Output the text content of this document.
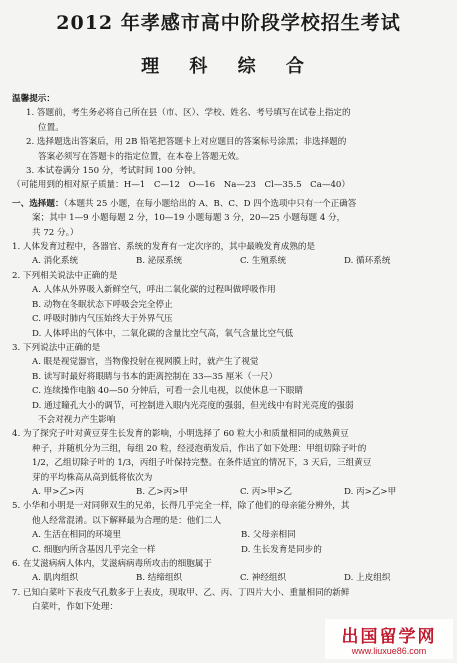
2012 年孝感市高中阶段学校招生考试
理 科 综 合

温馨提示：

1. 答题前，考生务必将自己所在县（市、区）、学校、姓名、考号填写在试卷上指定的

位置。

2. 选择题选出答案后，用 2B 铅笔把答题卡上对应题目的答案标号涂黑；非选择题的

答案必须写在答题卡的指定位置，在本卷上答题无效。

3. 本试卷满分 150 分，考试时间 100 分钟。

（可能用到的相对原子质量：H—1　C—12　O—16　Na—23　Cl—35.5　Ca—40）

一、选择题：（本题共 25 小题，在每小题给出的 A、B、C、D 四个选项中只有一个正确答

案；其中 1—9 小题每题 2 分，10—19 小题每题 3 分，20—25 小题每题 4 分，

共 72 分。）

1. 人体发育过程中，各器官、系统的发育有一定次序的，其中最晚发育成熟的是

A. 消化系统	B. 泌尿系统	C. 生殖系统	D. 循环系统

2. 下列相关说法中正确的是

A. 人体从外界吸入新鲜空气，呼出二氧化碳的过程叫做呼吸作用

B. 动物在冬眠状态下呼吸会完全停止

C. 呼吸时肺内气压始终大于外界气压

D. 人体呼出的气体中，二氧化碳的含量比空气高，氧气含量比空气低

3. 下列说法中正确的是

A. 眼是视觉器官，当物像投射在视网膜上时，就产生了视觉

B. 读写时最好将眼睛与书本的距离控制在 33—35 厘米（一尺）

C. 连续操作电脑 40—50 分钟后，可看一会儿电视，以使休息一下眼睛

D. 通过瞳孔大小的调节，可控制进入眼内光亮度的强弱，但光线中有时光亮度的强弱

不会对视力产生影响

4. 为了探究子叶对黄豆芽生长发育的影响，小明选择了 60 粒大小和质量相同的成熟黄豆

种子，并随机分为三组，每组 20 粒，经浸泡萌发后，作出了如下处理：甲组切除子叶的

1/2，乙组切除子叶的 1/3，丙组子叶保持完整。在条件适宜的情况下，3 天后，三组黄豆

芽的平均株高从高到低将依次为

A. 甲>乙>丙	B. 乙>丙>甲	C. 丙>甲>乙	D. 丙>乙>甲

5. 小华和小明是一对同卵双生的兄弟，长得几乎完全一样，除了他们的母亲能分辨外，其

他人经常混淆。以下解释最为合理的是：他们二人

A. 生活在相同的环境里	B. 父母亲相同
C. 细胞内所含基因几乎完全一样	D. 生长发育是同步的

6. 在艾滋病病人体内，艾滋病病毒所攻击的细胞属于

A. 肌肉组织	B. 结缔组织	C. 神经组织	D. 上皮组织

7. 已知白菜叶下表皮气孔数多于上表皮，现取甲、乙、丙、丁四片大小、重量相同的新鲜

白菜叶，作如下处理：

出国留学网
www.liuxue86.com
